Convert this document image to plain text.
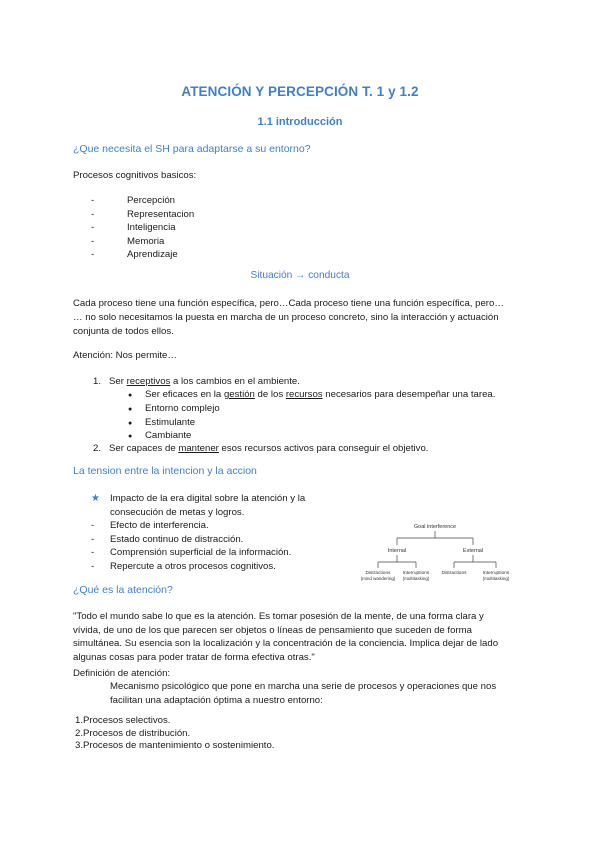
ATENCIÓN Y PERCEPCIÓN T. 1 y 1.2
1.1 introducción
¿Que necesita el SH para adaptarse a su entorno?
Procesos cognitivos basicos:
-	Percepción
-	Representacion
-	Inteligencia
-	Memoria
-	Aprendizaje
Situación → conducta
Cada proceso tiene una función específica, pero…Cada proceso tiene una función específica, pero…
… no solo necesitamos la puesta en marcha de un proceso concreto, sino la interacción y actuación
conjunta de todos ellos.
Atención: Nos permite…
1. Ser receptivos a los cambios en el ambiente.
● Ser eficaces en la gestión de los recursos necesarios para desempeñar una tarea.
● Entorno complejo
● Estimulante
● Cambiante
2. Ser capaces de mantener esos recursos activos para conseguir el objetivo.
La tension entre la intencion y la accion
★ Impacto de la era digital sobre la atención y la
consecución de metas y logros.
- Efecto de interferencia.
- Estado continuo de distracción.
- Comprensión superficial de la información.
- Repercute a otros procesos cognitivos.
Goal interference
Internal	External
Distractions
(mind wandering)
Interruptions
(multitasking)
Distractions	Interruptions
(multitasking)
¿Qué es la atención?
"Todo el mundo sabe lo que es la atención. Es tomar posesión de la mente, de una forma clara y
vívida, de uno de los que parecen ser objetos o líneas de pensamiento que suceden de forma
simultánea. Su esencia son la localización y la concentración de la conciencia. Implica dejar de lado
algunas cosas para poder tratar de forma efectiva otras."
Definición de atención:
Mecanismo psicológico que pone en marcha una serie de procesos y operaciones que nos
facilitan una adaptación óptima a nuestro entorno:
1.Procesos selectivos.
2.Procesos de distribución.
3.Procesos de mantenimiento o sostenimiento.
